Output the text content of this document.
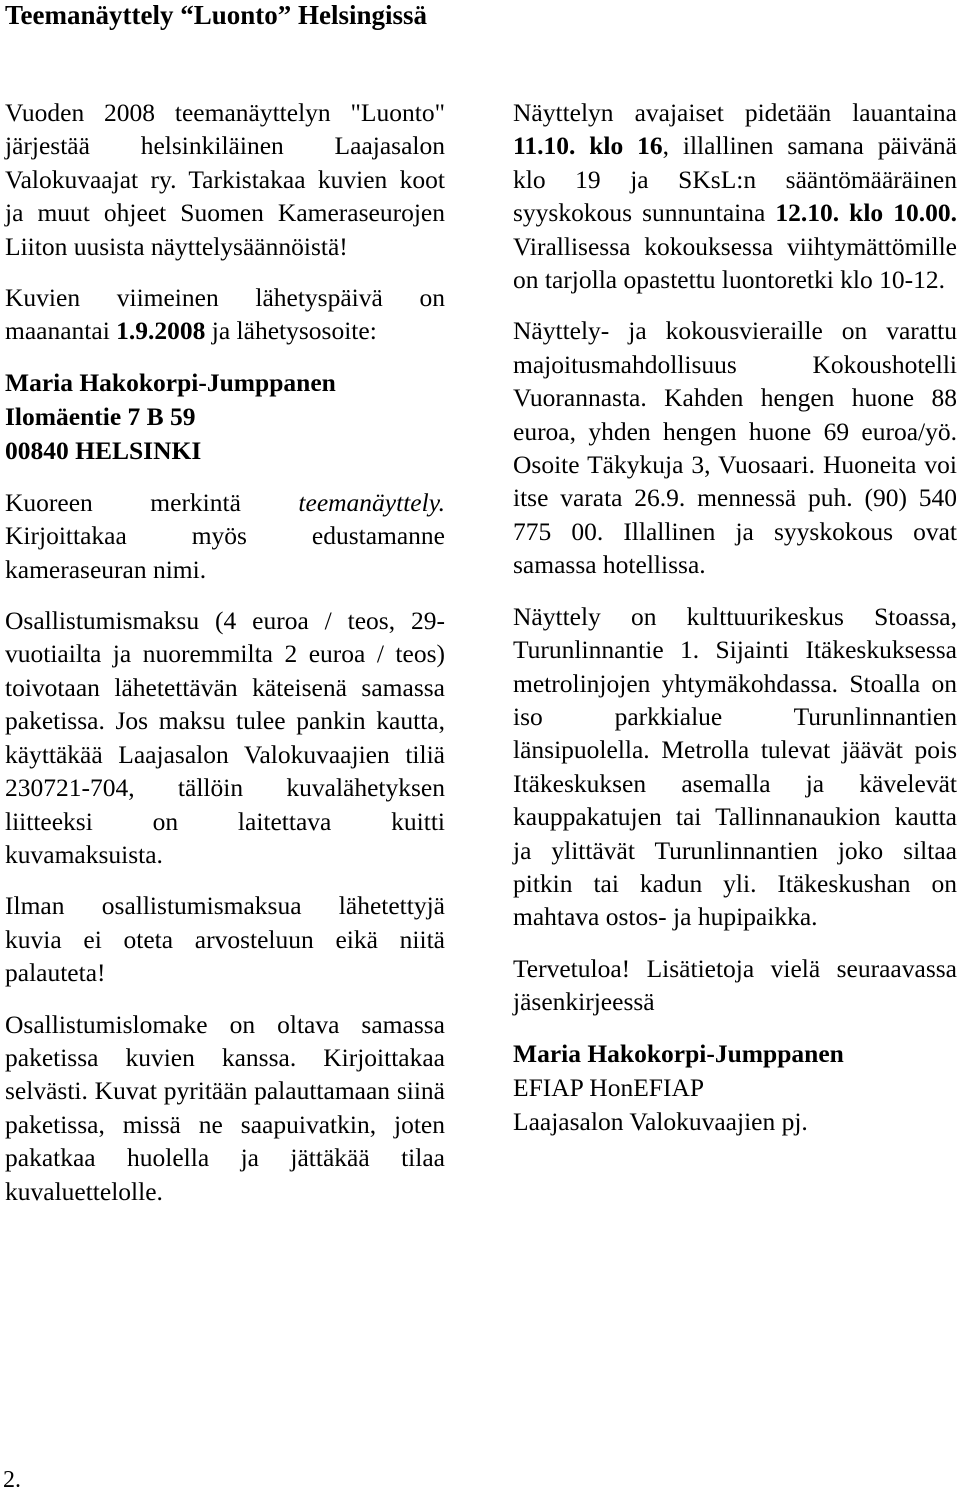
Teemanäyttely “Luonto” Helsingissä

Vuoden 2008 teemanäyttelyn "Luonto" järjestää helsinkiläinen Laajasalon Valokuvaajat ry. Tarkistakaa kuvien koot ja muut ohjeet Suomen Kameraseurojen Liiton uusista näyttelysäännöistä!

Kuvien viimeinen lähetyspäivä on maanantai 1.9.2008 ja lähetysosoite:

Maria Hakokorpi-Jumppanen
Ilomäentie 7 B 59
00840 HELSINKI

Kuoreen merkintä teemanäyttely. Kirjoittakaa myös edustamanne kameraseuran nimi.

Osallistumismaksu (4 euroa / teos, 29-vuotiailta ja nuoremmilta 2 euroa / teos) toivotaan lähetettävän käteisenä samassa paketissa. Jos maksu tulee pankin kautta, käyttäkää Laajasalon Valokuvaajien tiliä 230721-704, tällöin kuvalähetyksen liitteeksi on laitettava kuitti kuvamaksuista.

Ilman osallistumismaksua lähetettyjä kuvia ei oteta arvosteluun eikä niitä palauteta!

Osallistumislomake on oltava samassa paketissa kuvien kanssa. Kirjoittakaa selvästi. Kuvat pyritään palauttamaan siinä paketissa, missä ne saapuivatkin, joten pakatkaa huolella ja jättäkää tilaa kuvaluettelolle.

Näyttelyn avajaiset pidetään lauantaina 11.10. klo 16, illallinen samana päivänä klo 19 ja SKsL:n sääntömääräinen syyskokous sunnuntaina 12.10. klo 10.00. Virallisessa kokouksessa viihtymättömille on tarjolla opastettu luontoretki klo 10-12.

Näyttely- ja kokousvieraille on varattu majoitusmahdollisuus Kokoushotelli Vuorannasta. Kahden hengen huone 88 euroa, yhden hengen huone 69 euroa/yö. Osoite Täkykuja 3, Vuosaari. Huoneita voi itse varata 26.9. mennessä puh. (90) 540 775 00. Illallinen ja syyskokous ovat samassa hotellissa.

Näyttely on kulttuurikeskus Stoassa, Turunlinnantie 1. Sijainti Itäkeskuksessa metrolinjojen yhtymäkohdassa. Stoalla on iso parkkialue Turunlinnantien länsipuolella. Metrolla tulevat jäävät pois Itäkeskuksen asemalla ja kävelevät kauppakatujen tai Tallinnanaukion kautta ja ylittävät Turunlinnantien joko siltaa pitkin tai kadun yli. Itäkeskushan on mahtava ostos- ja hupipaikka.

Tervetuloa! Lisätietoja vielä seuraavassa jäsenkirjeessä

Maria Hakokorpi-Jumppanen
EFIAP HonEFIAP
Laajasalon Valokuvaajien pj.
2.
